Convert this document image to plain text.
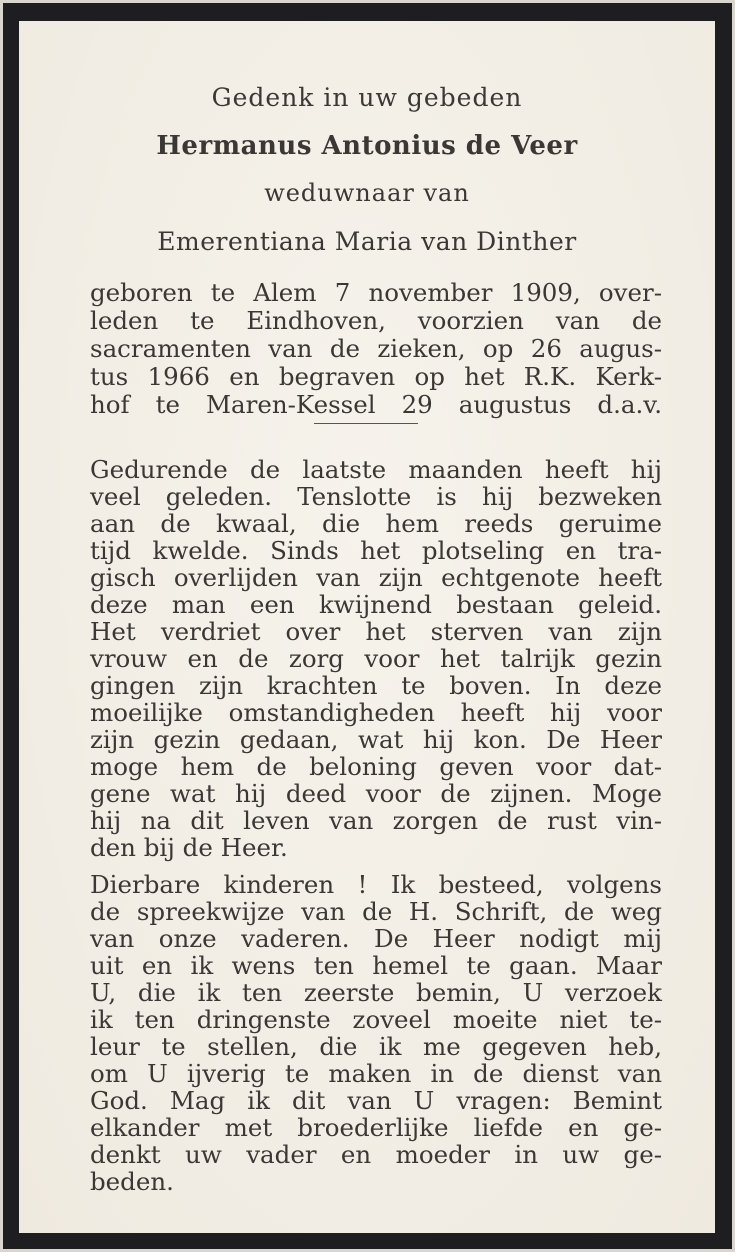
Gedenk in uw gebeden
Hermanus Antonius de Veer
weduwnaar van
Emerentiana Maria van Dinther
geboren te Alem 7 november 1909, over-
leden te Eindhoven, voorzien van de
sacramenten van de zieken, op 26 augus-
tus 1966 en begraven op het R.K. Kerk-
hof te Maren-Kessel 29 augustus d.a.v.
Gedurende de laatste maanden heeft hij
veel geleden. Tenslotte is hij bezweken
aan de kwaal, die hem reeds geruime
tijd kwelde. Sinds het plotseling en tra-
gisch overlijden van zijn echtgenote heeft
deze man een kwijnend bestaan geleid.
Het verdriet over het sterven van zijn
vrouw en de zorg voor het talrijk gezin
gingen zijn krachten te boven. In deze
moeilijke omstandigheden heeft hij voor
zijn gezin gedaan, wat hij kon. De Heer
moge hem de beloning geven voor dat-
gene wat hij deed voor de zijnen. Moge
hij na dit leven van zorgen de rust vin-
den bij de Heer.
Dierbare kinderen ! Ik besteed, volgens
de spreekwijze van de H. Schrift, de weg
van onze vaderen. De Heer nodigt mij
uit en ik wens ten hemel te gaan. Maar
U, die ik ten zeerste bemin, U verzoek
ik ten dringenste zoveel moeite niet te-
leur te stellen, die ik me gegeven heb,
om U ijverig te maken in de dienst van
God. Mag ik dit van U vragen: Bemint
elkander met broederlijke liefde en ge-
denkt uw vader en moeder in uw ge-
beden.
